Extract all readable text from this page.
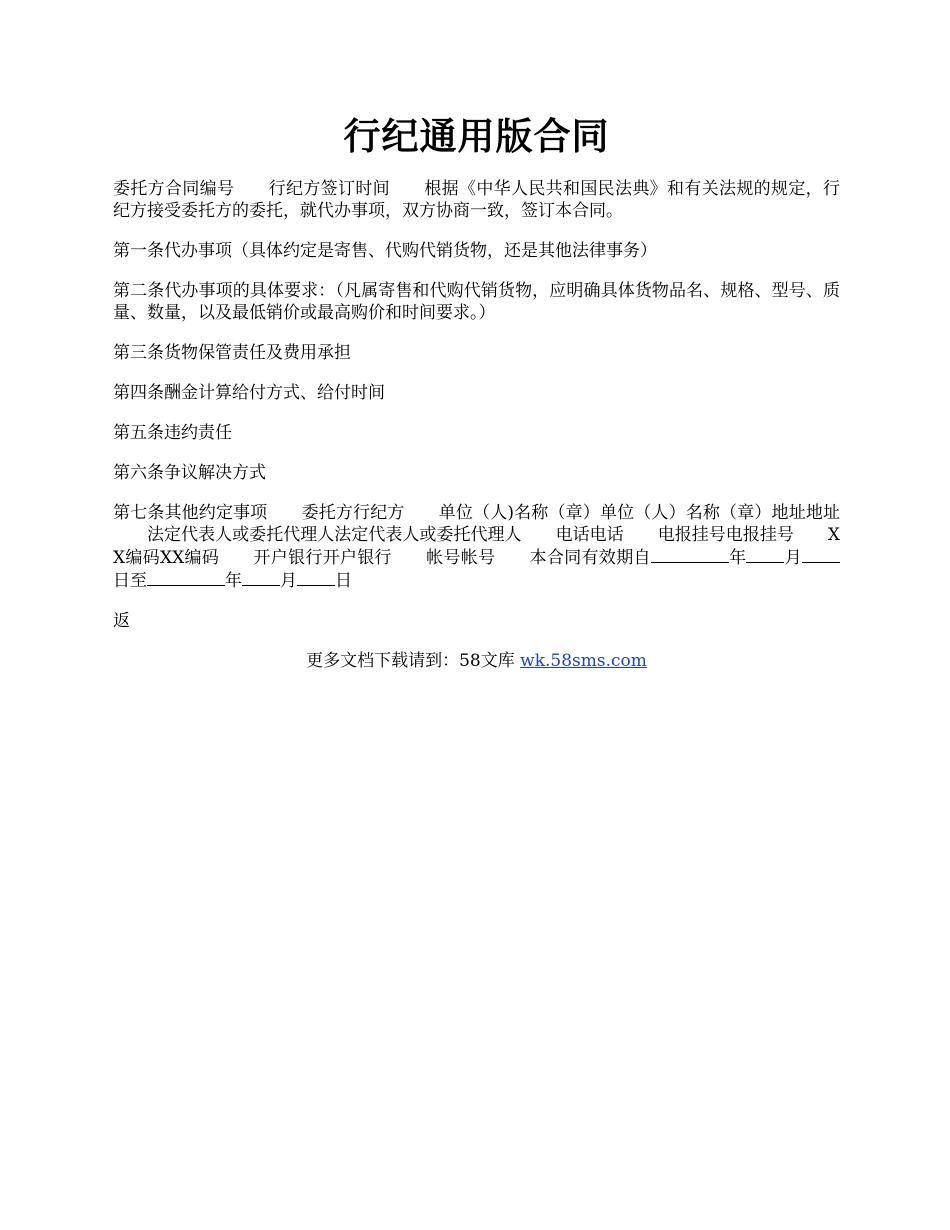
行纪通用版合同

委托方合同编号 行纪方签订时间 根据《中华人民共和国民法典》和有关法规的规定，行纪方接受委托方的委托，就代办事项，双方协商一致，签订本合同。

第一条代办事项（具体约定是寄售、代购代销货物，还是其他法律事务）

第二条代办事项的具体要求：（凡属寄售和代购代销货物，应明确具体货物品名、规格、型号、质量、数量，以及最低销价或最高购价和时间要求。）

第三条货物保管责任及费用承担

第四条酬金计算给付方式、给付时间

第五条违约责任

第六条争议解决方式

第七条其他约定事项 委托方行纪方 单位（人)名称（章）单位（人）名称（章）地址地址法定代表人或委托代理人法定代表人或委托代理人 电话电话 电报挂号电报挂号 XX编码XX编码 开户银行开户银行 帐号帐号 本合同有效期自	年 月日至	年 月 日

返

更多文档下载请到：58文库 wk.58sms.com
